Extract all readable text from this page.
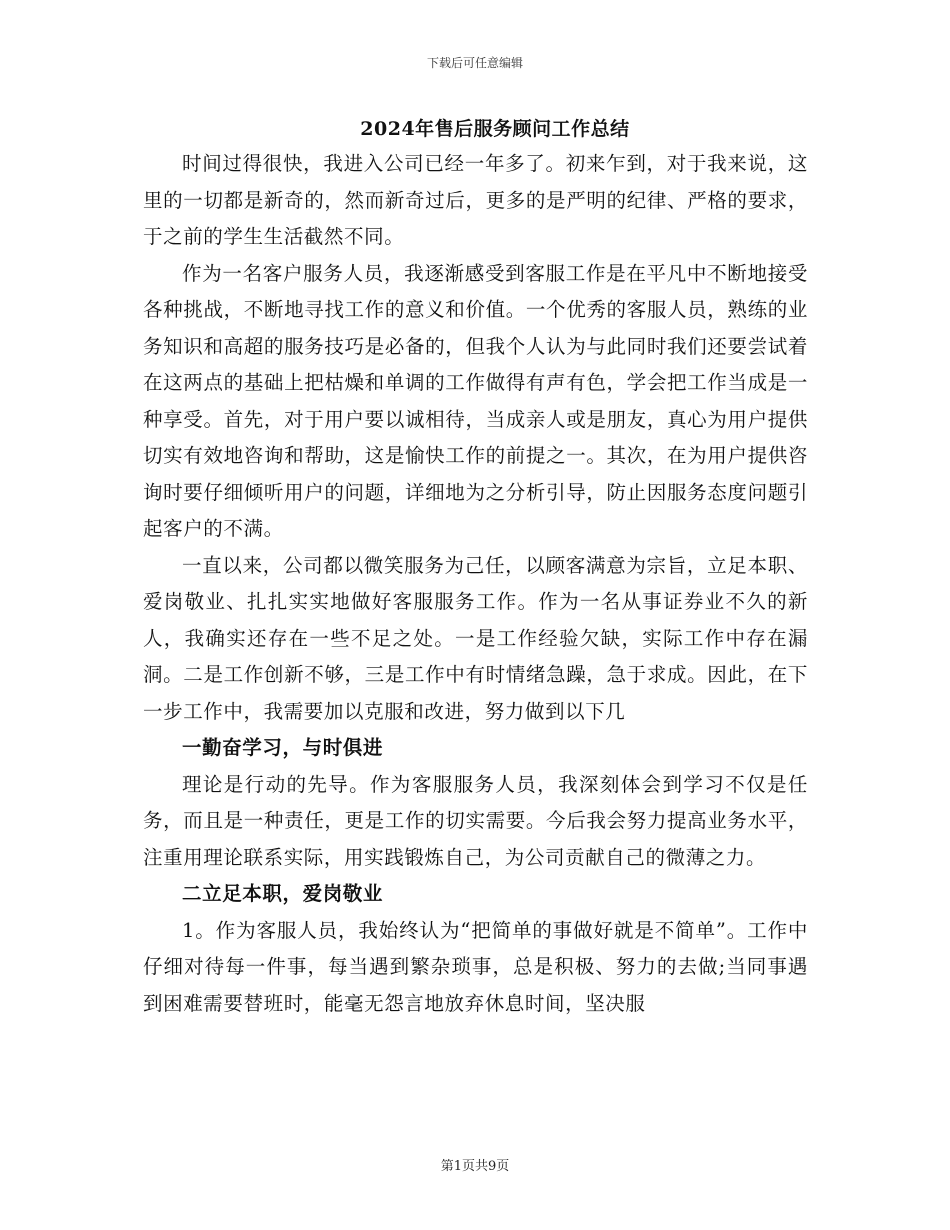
下载后可任意编辑
2024年售后服务顾问工作总结

时间过得很快，我进入公司已经一年多了。初来乍到，对于我来说，这里的一切都是新奇的，然而新奇过后，更多的是严明的纪律、严格的要求，于之前的学生生活截然不同。

作为一名客户服务人员，我逐渐感受到客服工作是在平凡中不断地接受各种挑战，不断地寻找工作的意义和价值。一个优秀的客服人员，熟练的业务知识和高超的服务技巧是必备的，但我个人认为与此同时我们还要尝试着在这两点的基础上把枯燥和单调的工作做得有声有色，学会把工作当成是一种享受。首先，对于用户要以诚相待，当成亲人或是朋友，真心为用户提供切实有效地咨询和帮助，这是愉快工作的前提之一。其次，在为用户提供咨询时要仔细倾听用户的问题，详细地为之分析引导，防止因服务态度问题引起客户的不满。

一直以来，公司都以微笑服务为己任，以顾客满意为宗旨，立足本职、爱岗敬业、扎扎实实地做好客服服务工作。作为一名从事证券业不久的新人，我确实还存在一些不足之处。一是工作经验欠缺，实际工作中存在漏洞。二是工作创新不够，三是工作中有时情绪急躁，急于求成。因此，在下一步工作中，我需要加以克服和改进，努力做到以下几

一勤奋学习，与时俱进

理论是行动的先导。作为客服服务人员，我深刻体会到学习不仅是任务，而且是一种责任，更是工作的切实需要。今后我会努力提高业务水平，注重用理论联系实际，用实践锻炼自己，为公司贡献自己的微薄之力。

二立足本职，爱岗敬业

1。作为客服人员，我始终认为“把简单的事做好就是不简单”。工作中仔细对待每一件事，每当遇到繁杂琐事，总是积极、努力的去做;当同事遇到困难需要替班时，能毫无怨言地放弃休息时间，坚决服

第1页共9页
